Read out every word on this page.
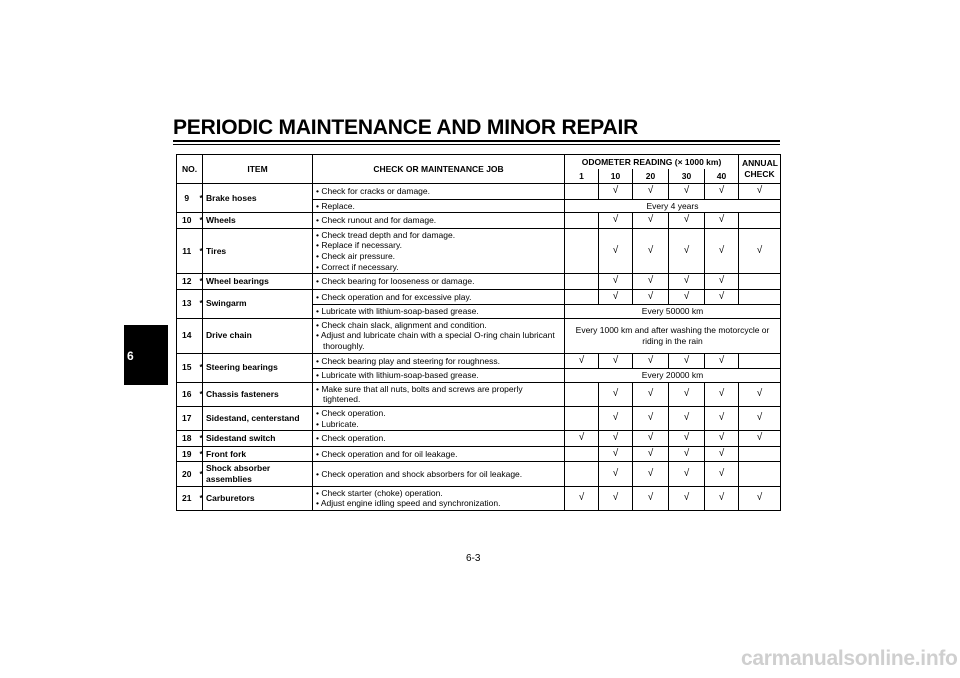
PERIODIC MAINTENANCE AND MINOR REPAIR
6
NO.		ITEM	CHECK OR MAINTENANCE JOB	ODOMETER READING (× 1000 km)					ANNUAL CHECK
				1	10	20	30	40	
9	*	Brake hoses	• Check for cracks or damage.		√	√	√	√	√

			• Replace.	Every 4 years					
10	*	Wheels	• Check runout and for damage.		√	√	√	√	
11	*	Tires	• Check tread depth and for damage.
• Replace if necessary.
• Check air pressure.
• Correct if necessary.		√	√	√	√	√
12	*	Wheel bearings	• Check bearing for looseness or damage.		√	√	√	√	
13	*	Swingarm	• Check operation and for excessive play.		√	√	√	√	

			• Lubricate with lithium-soap-based grease.	Every 50000 km					
14		Drive chain	• Check chain slack, alignment and condition.
• Adjust and lubricate chain with a special O-ring chain lubricant thoroughly.	Every 1000 km and after washing the motorcycle or riding in the rain					
15	*	Steering bearings	• Check bearing play and steering for roughness.	√	√	√	√	√	

			• Lubricate with lithium-soap-based grease.	Every 20000 km					
16	*	Chassis fasteners	• Make sure that all nuts, bolts and screws are properly tightened.		√	√	√	√	√
17		Sidestand, centerstand	• Check operation.
• Lubricate.		√	√	√	√	√
18	*	Sidestand switch	• Check operation.	√	√	√	√	√	√
19	*	Front fork	• Check operation and for oil leakage.		√	√	√	√	
20	*	Shock absorber assemblies	• Check operation and shock absorbers for oil leakage.		√	√	√	√	
21	*	Carburetors	• Check starter (choke) operation.
• Adjust engine idling speed and synchronization.	√	√	√	√	√	√
6-3
carmanualsonline.info
